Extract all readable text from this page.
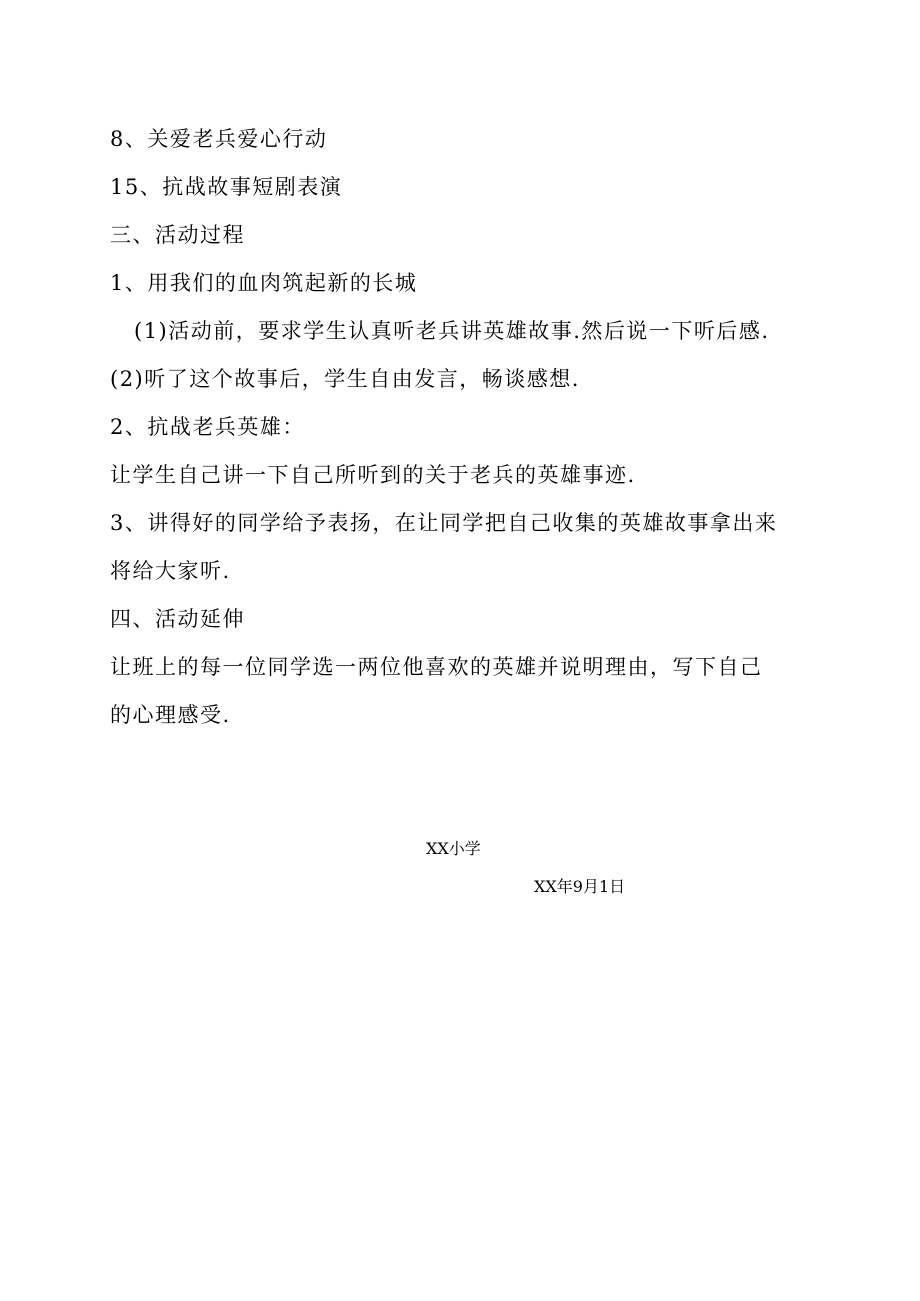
8、关爱老兵爱心行动
15、抗战故事短剧表演
三、活动过程
1、用我们的血肉筑起新的长城
(1)活动前，要求学生认真听老兵讲英雄故事.然后说一下听后感.
(2)听了这个故事后，学生自由发言，畅谈感想.
2、抗战老兵英雄：
让学生自己讲一下自己所听到的关于老兵的英雄事迹.
3、讲得好的同学给予表扬，在让同学把自己收集的英雄故事拿出来
将给大家听.
四、活动延伸
让班上的每一位同学选一两位他喜欢的英雄并说明理由，写下自己
的心理感受.
XX小学
XX年9月1日
